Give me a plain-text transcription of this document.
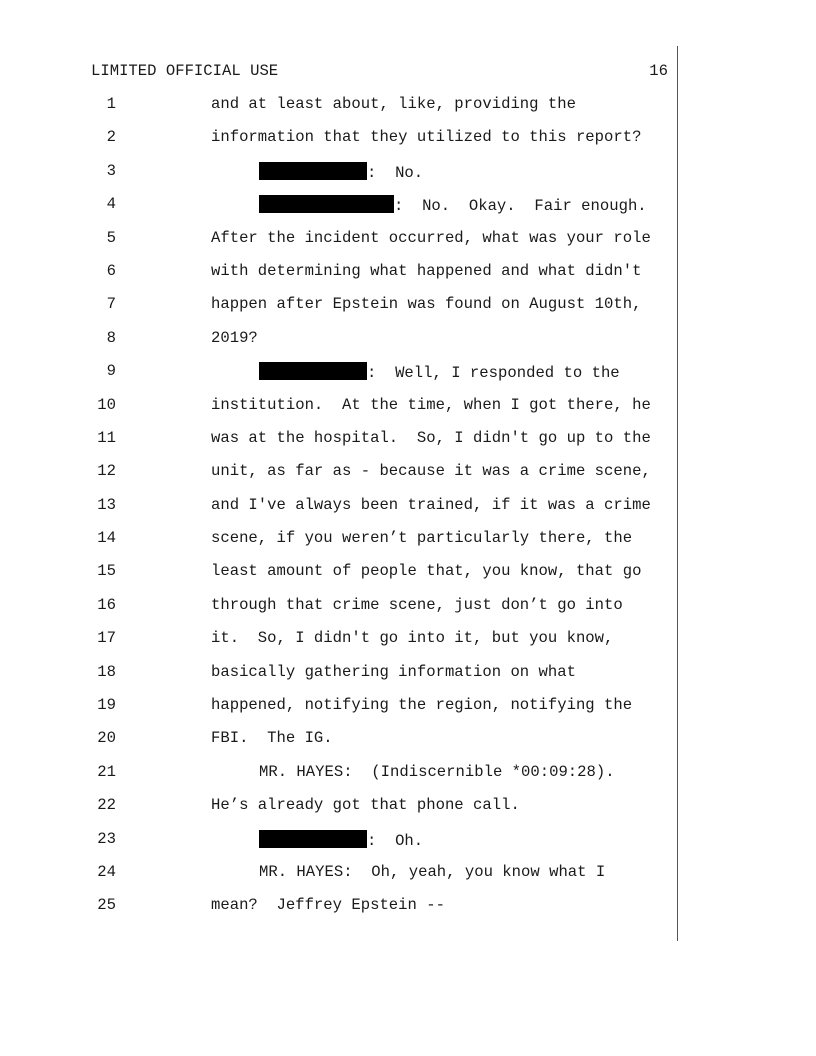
LIMITED OFFICIAL USE	16

1

	and at least about, like, providing the

2

	information that they utilized to this report?

3

	:  No.

4

	:  No.  Okay.  Fair enough.

5

	After the incident occurred, what was your role

6

	with determining what happened and what didn't

7

	happen after Epstein was found on August 10th,

8

	2019?

9

	:  Well, I responded to the

10

	institution.  At the time, when I got there, he

11

	was at the hospital.  So, I didn't go up to the

12

	unit, as far as - because it was a crime scene,

13

	and I've always been trained, if it was a crime

14

	scene, if you weren’t particularly there, the

15

	least amount of people that, you know, that go

16

	through that crime scene, just don’t go into

17

	it.  So, I didn't go into it, but you know,

18

	basically gathering information on what

19

	happened, notifying the region, notifying the

20

	FBI.  The IG.

21

	MR. HAYES:  (Indiscernible *00:09:28).

22

	He’s already got that phone call.

23

	:  Oh.

24

	MR. HAYES:  Oh, yeah, you know what I

25

	mean?  Jeffrey Epstein --
